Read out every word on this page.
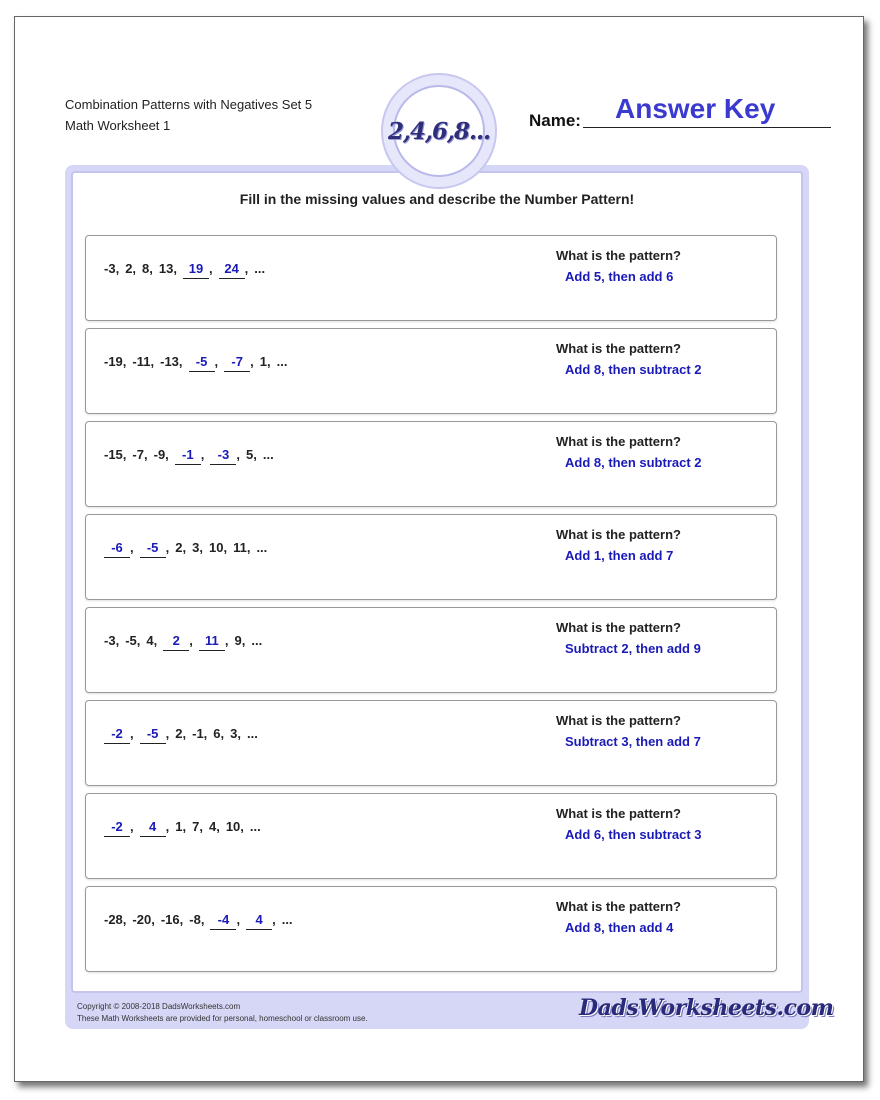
Combination Patterns with Negatives Set 5
Math Worksheet 1	2,4,6,8... Name: Answer Key
Fill in the missing values and describe the Number Pattern!
-3, 2, 8, 13, 19 , 24 , ...
What is the pattern?
Add 5, then add 6
-19, -11, -13, -5 , -7 , 1, ...
What is the pattern?
Add 8, then subtract 2
-15, -7, -9, -1 , -3 , 5, ...
What is the pattern?
Add 8, then subtract 2
-6 , -5 , 2, 3, 10, 11, ...
What is the pattern?
Add 1, then add 7
-3, -5, 4, 2 , 11 , 9, ...
What is the pattern?
Subtract 2, then add 9
-2 , -5 , 2, -1, 6, 3, ...
What is the pattern?
Subtract 3, then add 7
-2 , 4 , 1, 7, 4, 10, ...
What is the pattern?
Add 6, then subtract 3
-28, -20, -16, -8, -4 , 4 , ...
What is the pattern?
Add 8, then add 4
Copyright © 2008-2018 DadsWorksheets.com
These Math Worksheets are provided for personal, homeschool or classroom use.	DadsWorksheets.com
